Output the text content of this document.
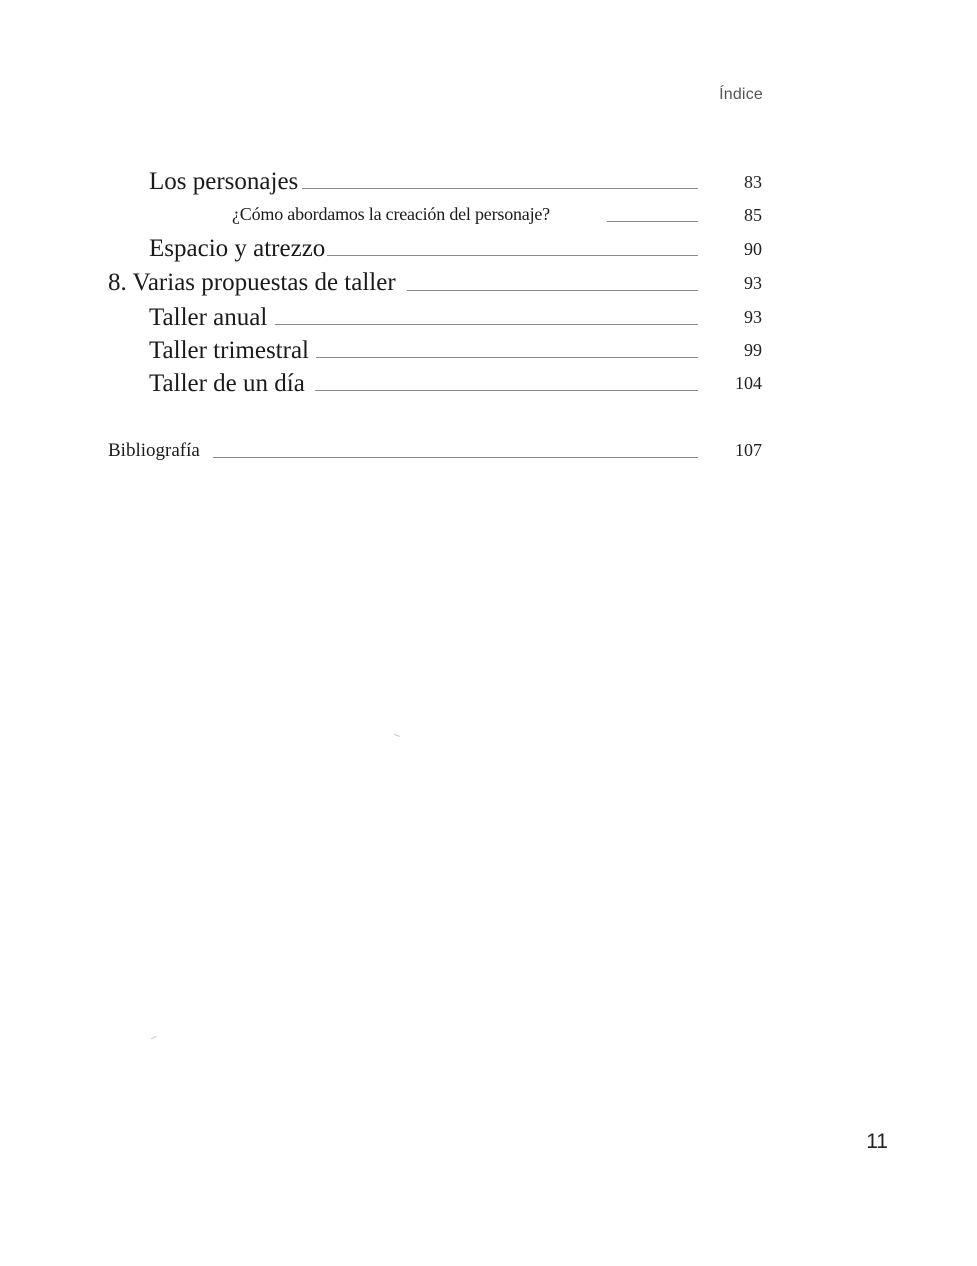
Índice
Los personajes	83
¿Cómo abordamos la creación del personaje?	85
Espacio y atrezzo	90
8. Varias propuestas de taller	93
Taller anual	93
Taller trimestral	99
Taller de un día	104
Bibliografía	107
11
